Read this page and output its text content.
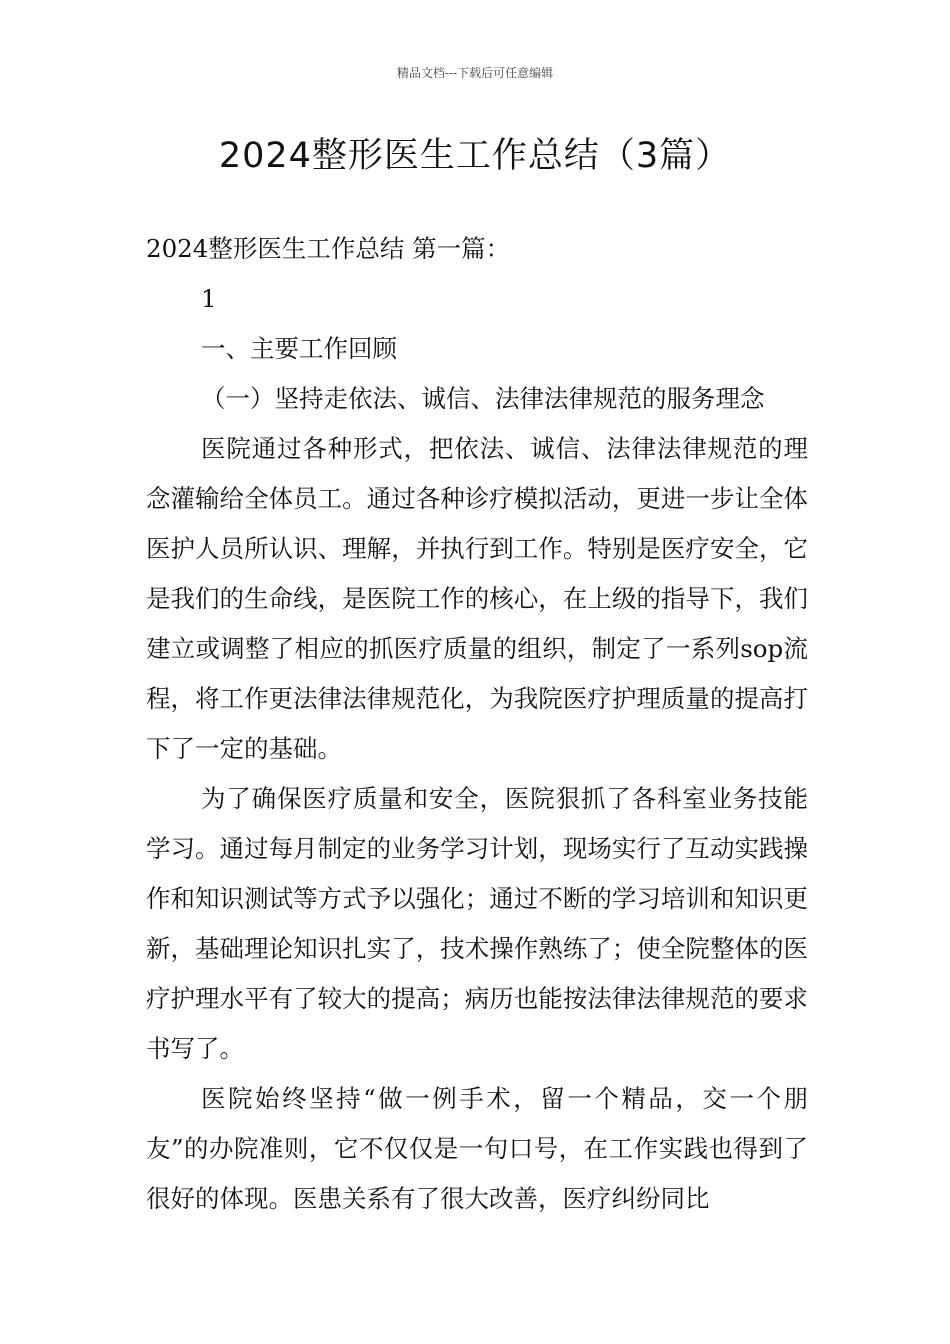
精品文档---下载后可任意编辑
2024整形医生工作总结（3篇）

2024整形医生工作总结 第一篇：

1

一、主要工作回顾

（一）坚持走依法、诚信、法律法律规范的服务理念

医院通过各种形式，把依法、诚信、法律法律规范的理念灌输给全体员工。通过各种诊疗模拟活动，更进一步让全体医护人员所认识、理解，并执行到工作。特别是医疗安全，它是我们的生命线，是医院工作的核心，在上级的指导下，我们建立或调整了相应的抓医疗质量的组织，制定了一系列sop流程，将工作更法律法律规范化，为我院医疗护理质量的提高打下了一定的基础。

为了确保医疗质量和安全，医院狠抓了各科室业务技能学习。通过每月制定的业务学习计划，现场实行了互动实践操作和知识测试等方式予以强化；通过不断的学习培训和知识更新，基础理论知识扎实了，技术操作熟练了；使全院整体的医疗护理水平有了较大的提高；病历也能按法律法律规范的要求书写了。

医院始终坚持“做一例手术，留一个精品，交一个朋友”的办院准则，它不仅仅是一句口号，在工作实践也得到了很好的体现。医患关系有了很大改善，医疗纠纷同比
